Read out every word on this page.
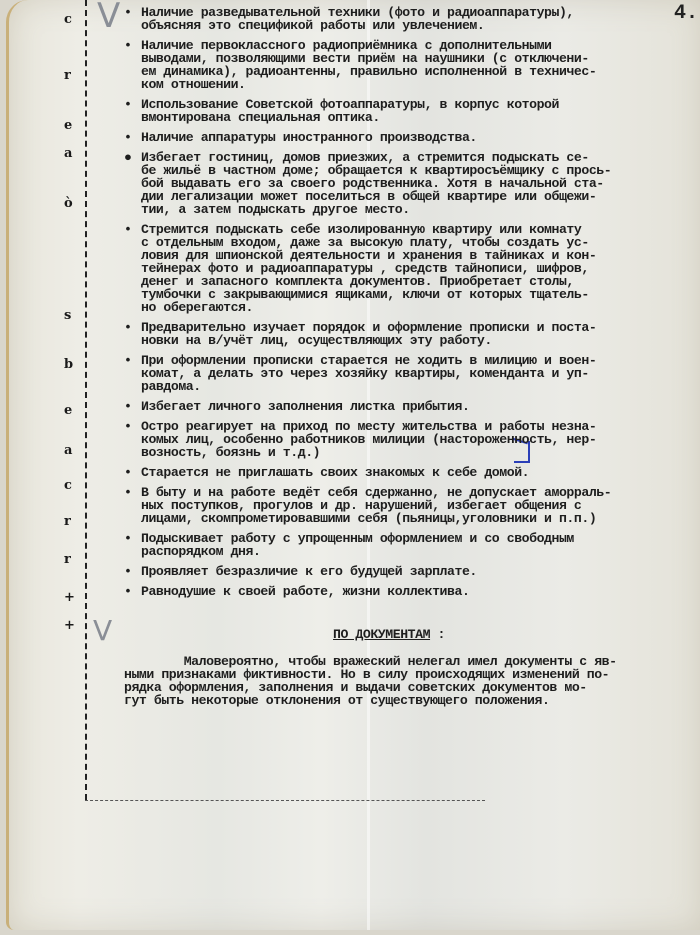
c
r
e
a
ò
s
b
e
a
c
r
r
+
+
V
V
4.
• Наличие разведывательной техники (фото и радиоаппаратуры),
объясняя это спецификой работы или увлечением.
• Наличие первоклассного радиоприёмника с дополнительными
выводами, позволяющими вести приём на наушники (с отключени-
ем динамика), радиоантенны, правильно исполненной в техничес-
ком отношении.
• Использование Советской фотоаппаратуры, в корпус которой
вмонтирована специальная оптика.
• Наличие аппаратуры иностранного производства.
● Избегает гостиниц, домов приезжих, а стремится подыскать се-
бе жильё в частном доме; обращается к квартиросъёмщику с прось-
бой выдавать его за своего родственника. Хотя в начальной ста-
дии легализации может поселиться в общей квартире или общежи-
тии, а затем подыскать другое место.
• Стремится подыскать себе изолированную квартиру или комнату
с отдельным входом, даже за высокую плату, чтобы создать ус-
ловия для шпионской деятельности и хранения в тайниках и кон-
тейнерах фото и радиоаппаратуры , средств тайнописи, шифров,
денег и запасного комплекта документов. Приобретает столы,
тумбочки с закрывающимися ящиками, ключи от которых тщатель-
но оберегаются.
• Предварительно изучает порядок и оформление прописки и поста-
новки на в/учёт лиц, осуществляющих эту работу.
• При оформлении прописки старается не ходить в милицию и воен-
комат, а делать это через хозяйку квартиры, коменданта и уп-
равдома.
• Избегает личного заполнения листка прибытия.
• Остро реагирует на приход по месту жительства и работы незна-
комых лиц, особенно работников милиции (настороженность, нер-
возность, боязнь и т.д.)
• Старается не приглашать своих знакомых к себе домой.
• В быту и на работе ведёт себя сдержанно, не допускает аморраль-
ных поступков, прогулов и др. нарушений, избегает общения с
лицами, скомпрометировавшими себя (пьяницы,уголовники и п.п.)
• Подыскивает работу с упрощенным оформлением и со свободным
распорядком дня.
• Проявляет безразличие к его будущей зарплате.
• Равнодушие к своей работе, жизни коллектива.
ПО ДОКУМЕНТАМ :
Маловероятно, чтобы вражеский нелегал имел документы с яв-
ными признаками фиктивности. Но в силу происходящих изменений по-
рядка оформления, заполнения и выдачи советских документов мо-
гут быть некоторые отклонения от существующего положения.
